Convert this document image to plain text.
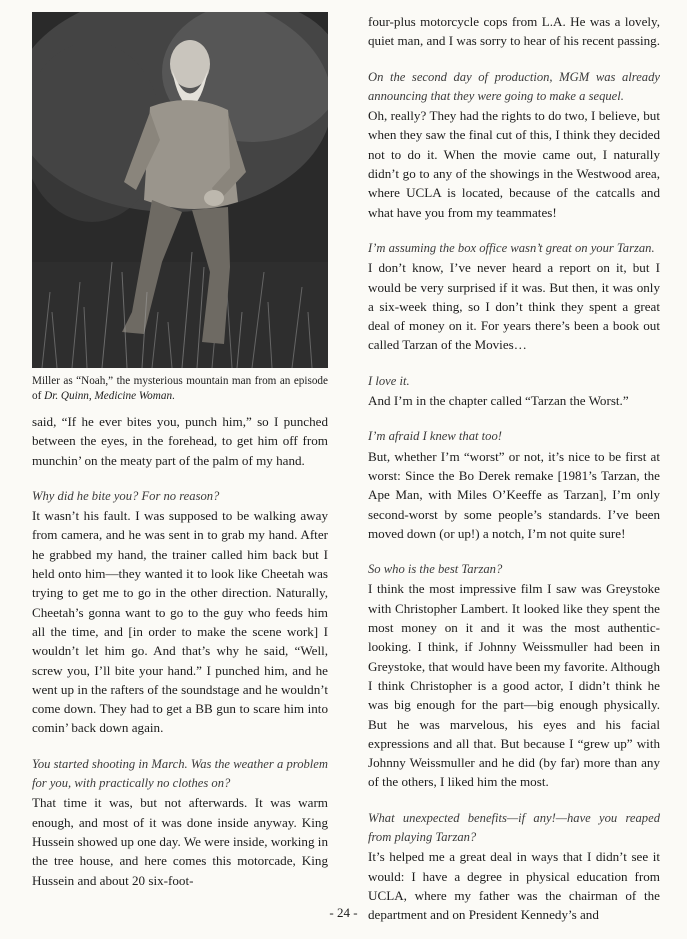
Miller as “Noah,” the mysterious mountain man from an episode of Dr. Quinn, Medicine Woman.

said, “If he ever bites you, punch him,” so I punched between the eyes, in the forehead, to get him off from munchin’ on the meaty part of the palm of my hand.

Why did he bite you? For no reason?

It wasn’t his fault. I was supposed to be walking away from camera, and he was sent in to grab my hand. After he grabbed my hand, the trainer called him back but I held onto him—they wanted it to look like Cheetah was trying to get me to go in the other direction. Naturally, Cheetah’s gonna want to go to the guy who feeds him all the time, and [in order to make the scene work] I wouldn’t let him go. And that’s why he said, “Well, screw you, I’ll bite your hand.” I punched him, and he went up in the rafters of the soundstage and he wouldn’t come down. They had to get a BB gun to scare him into comin’ back down again.

You started shooting in March. Was the weather a problem for you, with practically no clothes on?

That time it was, but not afterwards. It was warm enough, and most of it was done inside anyway. King Hussein showed up one day. We were inside, working in the tree house, and here comes this motorcade, King Hussein and about 20 six-foot-

four-plus motorcycle cops from L.A. He was a lovely, quiet man, and I was sorry to hear of his recent passing.

On the second day of production, MGM was already announcing that they were going to make a sequel.

Oh, really? They had the rights to do two, I believe, but when they saw the final cut of this, I think they decided not to do it. When the movie came out, I naturally didn’t go to any of the showings in the Westwood area, where UCLA is located, because of the catcalls and what have you from my teammates!

I’m assuming the box office wasn’t great on your Tarzan.

I don’t know, I’ve never heard a report on it, but I would be very surprised if it was. But then, it was only a six-week thing, so I don’t think they spent a great deal of money on it. For years there’s been a book out called Tarzan of the Movies…

I love it.

And I’m in the chapter called “Tarzan the Worst.”

I’m afraid I knew that too!

But, whether I’m “worst” or not, it’s nice to be first at worst: Since the Bo Derek remake [1981’s Tarzan, the Ape Man, with Miles O’Keeffe as Tarzan], I’m only second-worst by some people’s standards. I’ve been moved down (or up!) a notch, I’m not quite sure!

So who is the best Tarzan?

I think the most impressive film I saw was Greystoke with Christopher Lambert. It looked like they spent the most money on it and it was the most authentic-looking. I think, if Johnny Weissmuller had been in Greystoke, that would have been my favorite. Although I think Christopher is a good actor, I didn’t think he was big enough for the part—big enough physically. But he was marvelous, his eyes and his facial expressions and all that. But because I “grew up” with Johnny Weissmuller and he did (by far) more than any of the others, I liked him the most.

What unexpected benefits—if any!—have you reaped from playing Tarzan?

It’s helped me a great deal in ways that I didn’t see it would: I have a degree in physical education from UCLA, where my father was the chairman of the department and on President Kennedy’s and

- 24 -
